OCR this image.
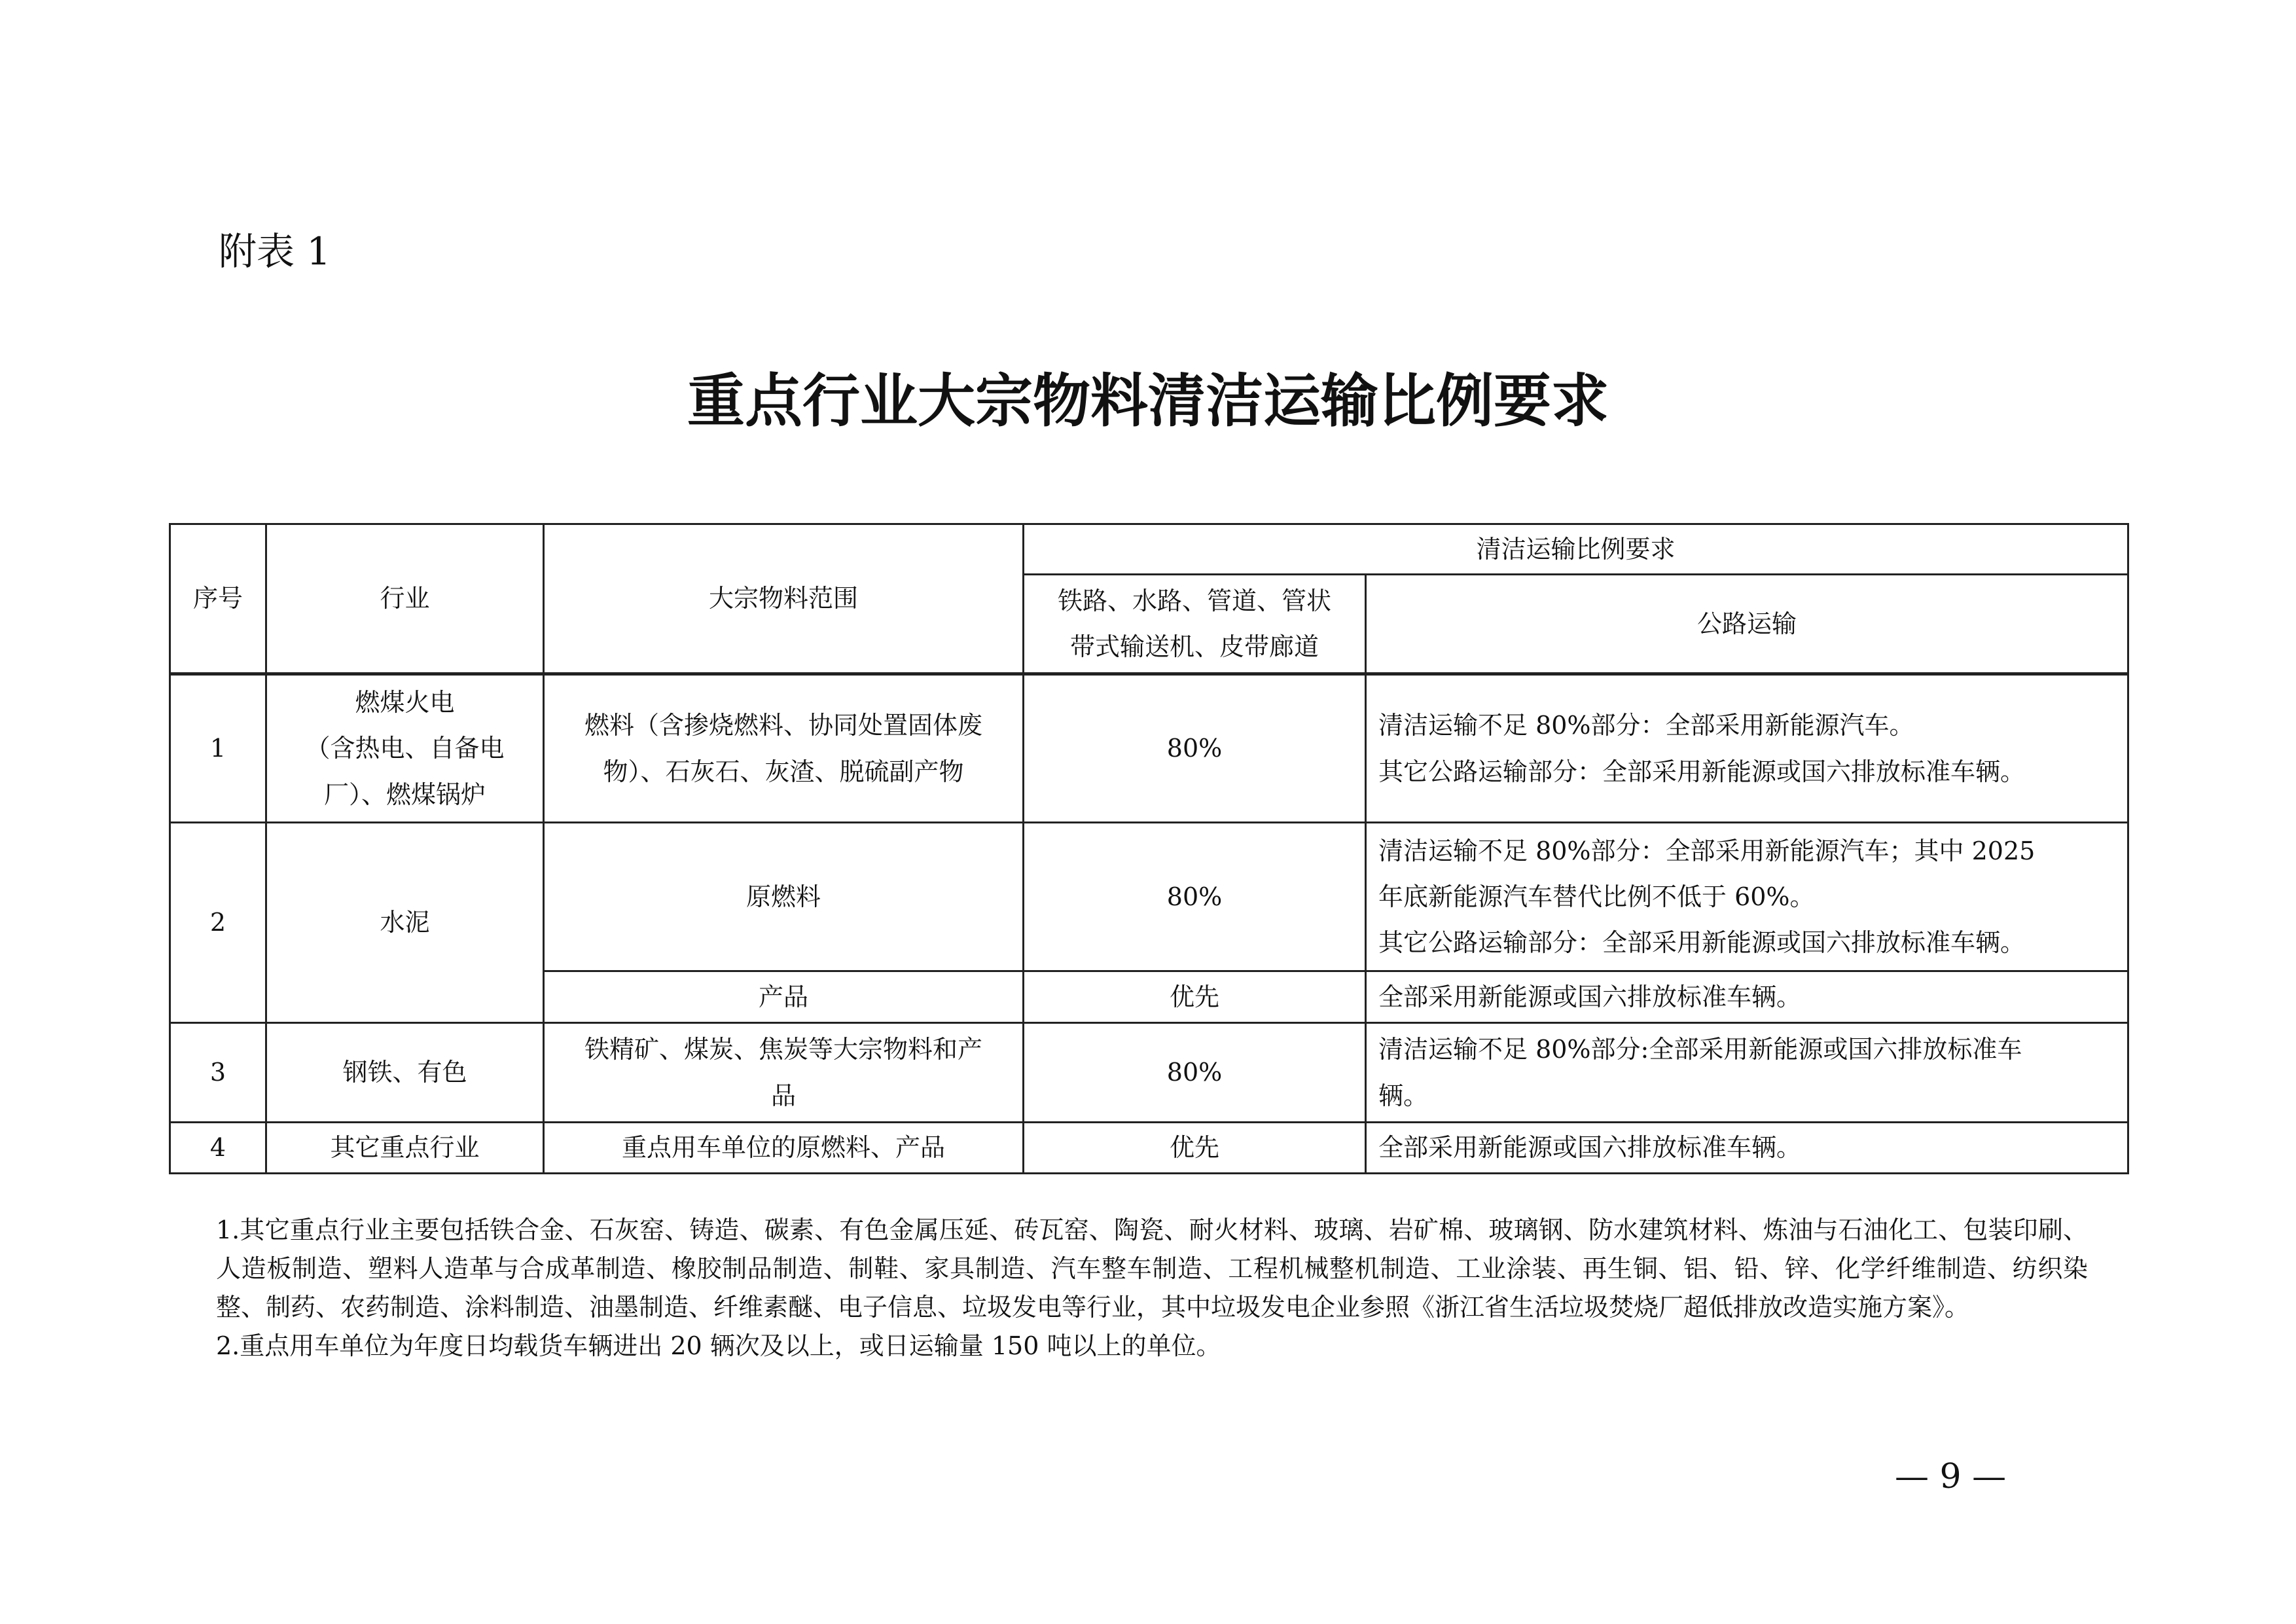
附表 1
重点行业大宗物料清洁运输比例要求
序号	行业	大宗物料范围	清洁运输比例要求	

			铁路、水路、管道、管状
带式输送机、皮带廊道	公路运输
1	燃煤火电
（含热电、自备电
厂）、燃煤锅炉	燃料（含掺烧燃料、协同处置固体废
物）、石灰石、灰渣、脱硫副产物	80%	清洁运输不足 80%部分：全部采用新能源汽车。
其它公路运输部分：全部采用新能源或国六排放标准车辆。

2	水泥	原燃料	80%	清洁运输不足 80%部分：全部采用新能源汽车；其中 2025
年底新能源汽车替代比例不低于 60%。
其它公路运输部分：全部采用新能源或国六排放标准车辆。

		产品	优先	全部采用新能源或国六排放标准车辆。
3	钢铁、有色	铁精矿、煤炭、焦炭等大宗物料和产
品	80%	清洁运输不足 80%部分:全部采用新能源或国六排放标准车
辆。

4	其它重点行业	重点用车单位的原燃料、产品	优先	全部采用新能源或国六排放标准车辆。

1.其它重点行业主要包括铁合金、石灰窑、铸造、碳素、有色金属压延、砖瓦窑、陶瓷、耐火材料、玻璃、岩矿棉、玻璃钢、防水建筑材料、炼油与石油化工、包装印刷、人造板制造、塑料人造革与合成革制造、橡胶制品制造、制鞋、家具制造、汽车整车制造、工程机械整机制造、工业涂装、再生铜、铝、铅、锌、化学纤维制造、纺织染整、制药、农药制造、涂料制造、油墨制造、纤维素醚、电子信息、垃圾发电等行业，其中垃圾发电企业参照《浙江省生活垃圾焚烧厂超低排放改造实施方案》。

2.重点用车单位为年度日均载货车辆进出 20 辆次及以上，或日运输量 150 吨以上的单位。

— 9 —
